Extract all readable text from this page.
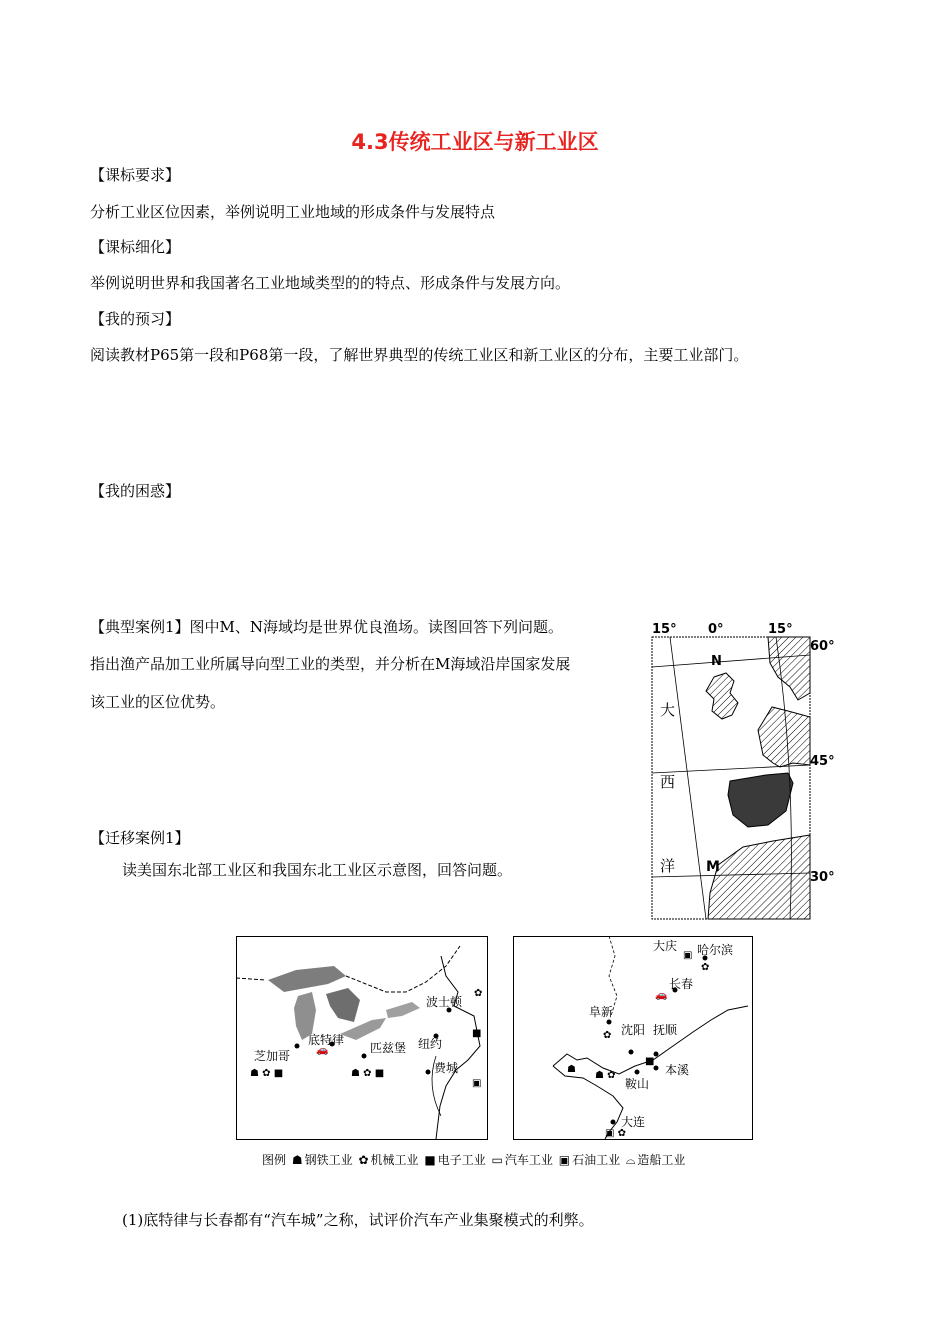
4.3传统工业区与新工业区
【课标要求】
分析工业区位因素，举例说明工业地域的形成条件与发展特点
【课标细化】
举例说明世界和我国著名工业地域类型的的特点、形成条件与发展方向。
【我的预习】
阅读教材P65第一段和P68第一段，了解世界典型的传统工业区和新工业区的分布，主要工业部门。
【我的困惑】
【典型案例1】图中M、N海域均是世界优良渔场。读图回答下列问题。
指出渔产品加工业所属导向型工业的类型，并分析在M海域沿岸国家发展
该工业的区位优势。
【迁移案例1】
读美国东北部工业区和我国东北工业区示意图，回答问题。
(1)底特律与长春都有“汽车城”之称，试评价汽车产业集聚模式的利弊。
15° 0°	15°
60°
45°
30°
大
西
洋
N
M
☗ ✿ ■
🚗
☗ ✿ ■
✿
■
▣
芝加哥
底特律
匹兹堡
波士顿
纽约
费城
▣
✿
🚗
✿
☗
☗ ✿
■
▣ ✿
大庆 哈尔滨
长春
阜新
沈阳 抚顺
本溪
鞍山
大连
图例 ☗ 钢铁工业 ✿ 机械工业 ■ 电子工业 ▭ 汽车工业 ▣ 石油工业 ⌓ 造船工业
